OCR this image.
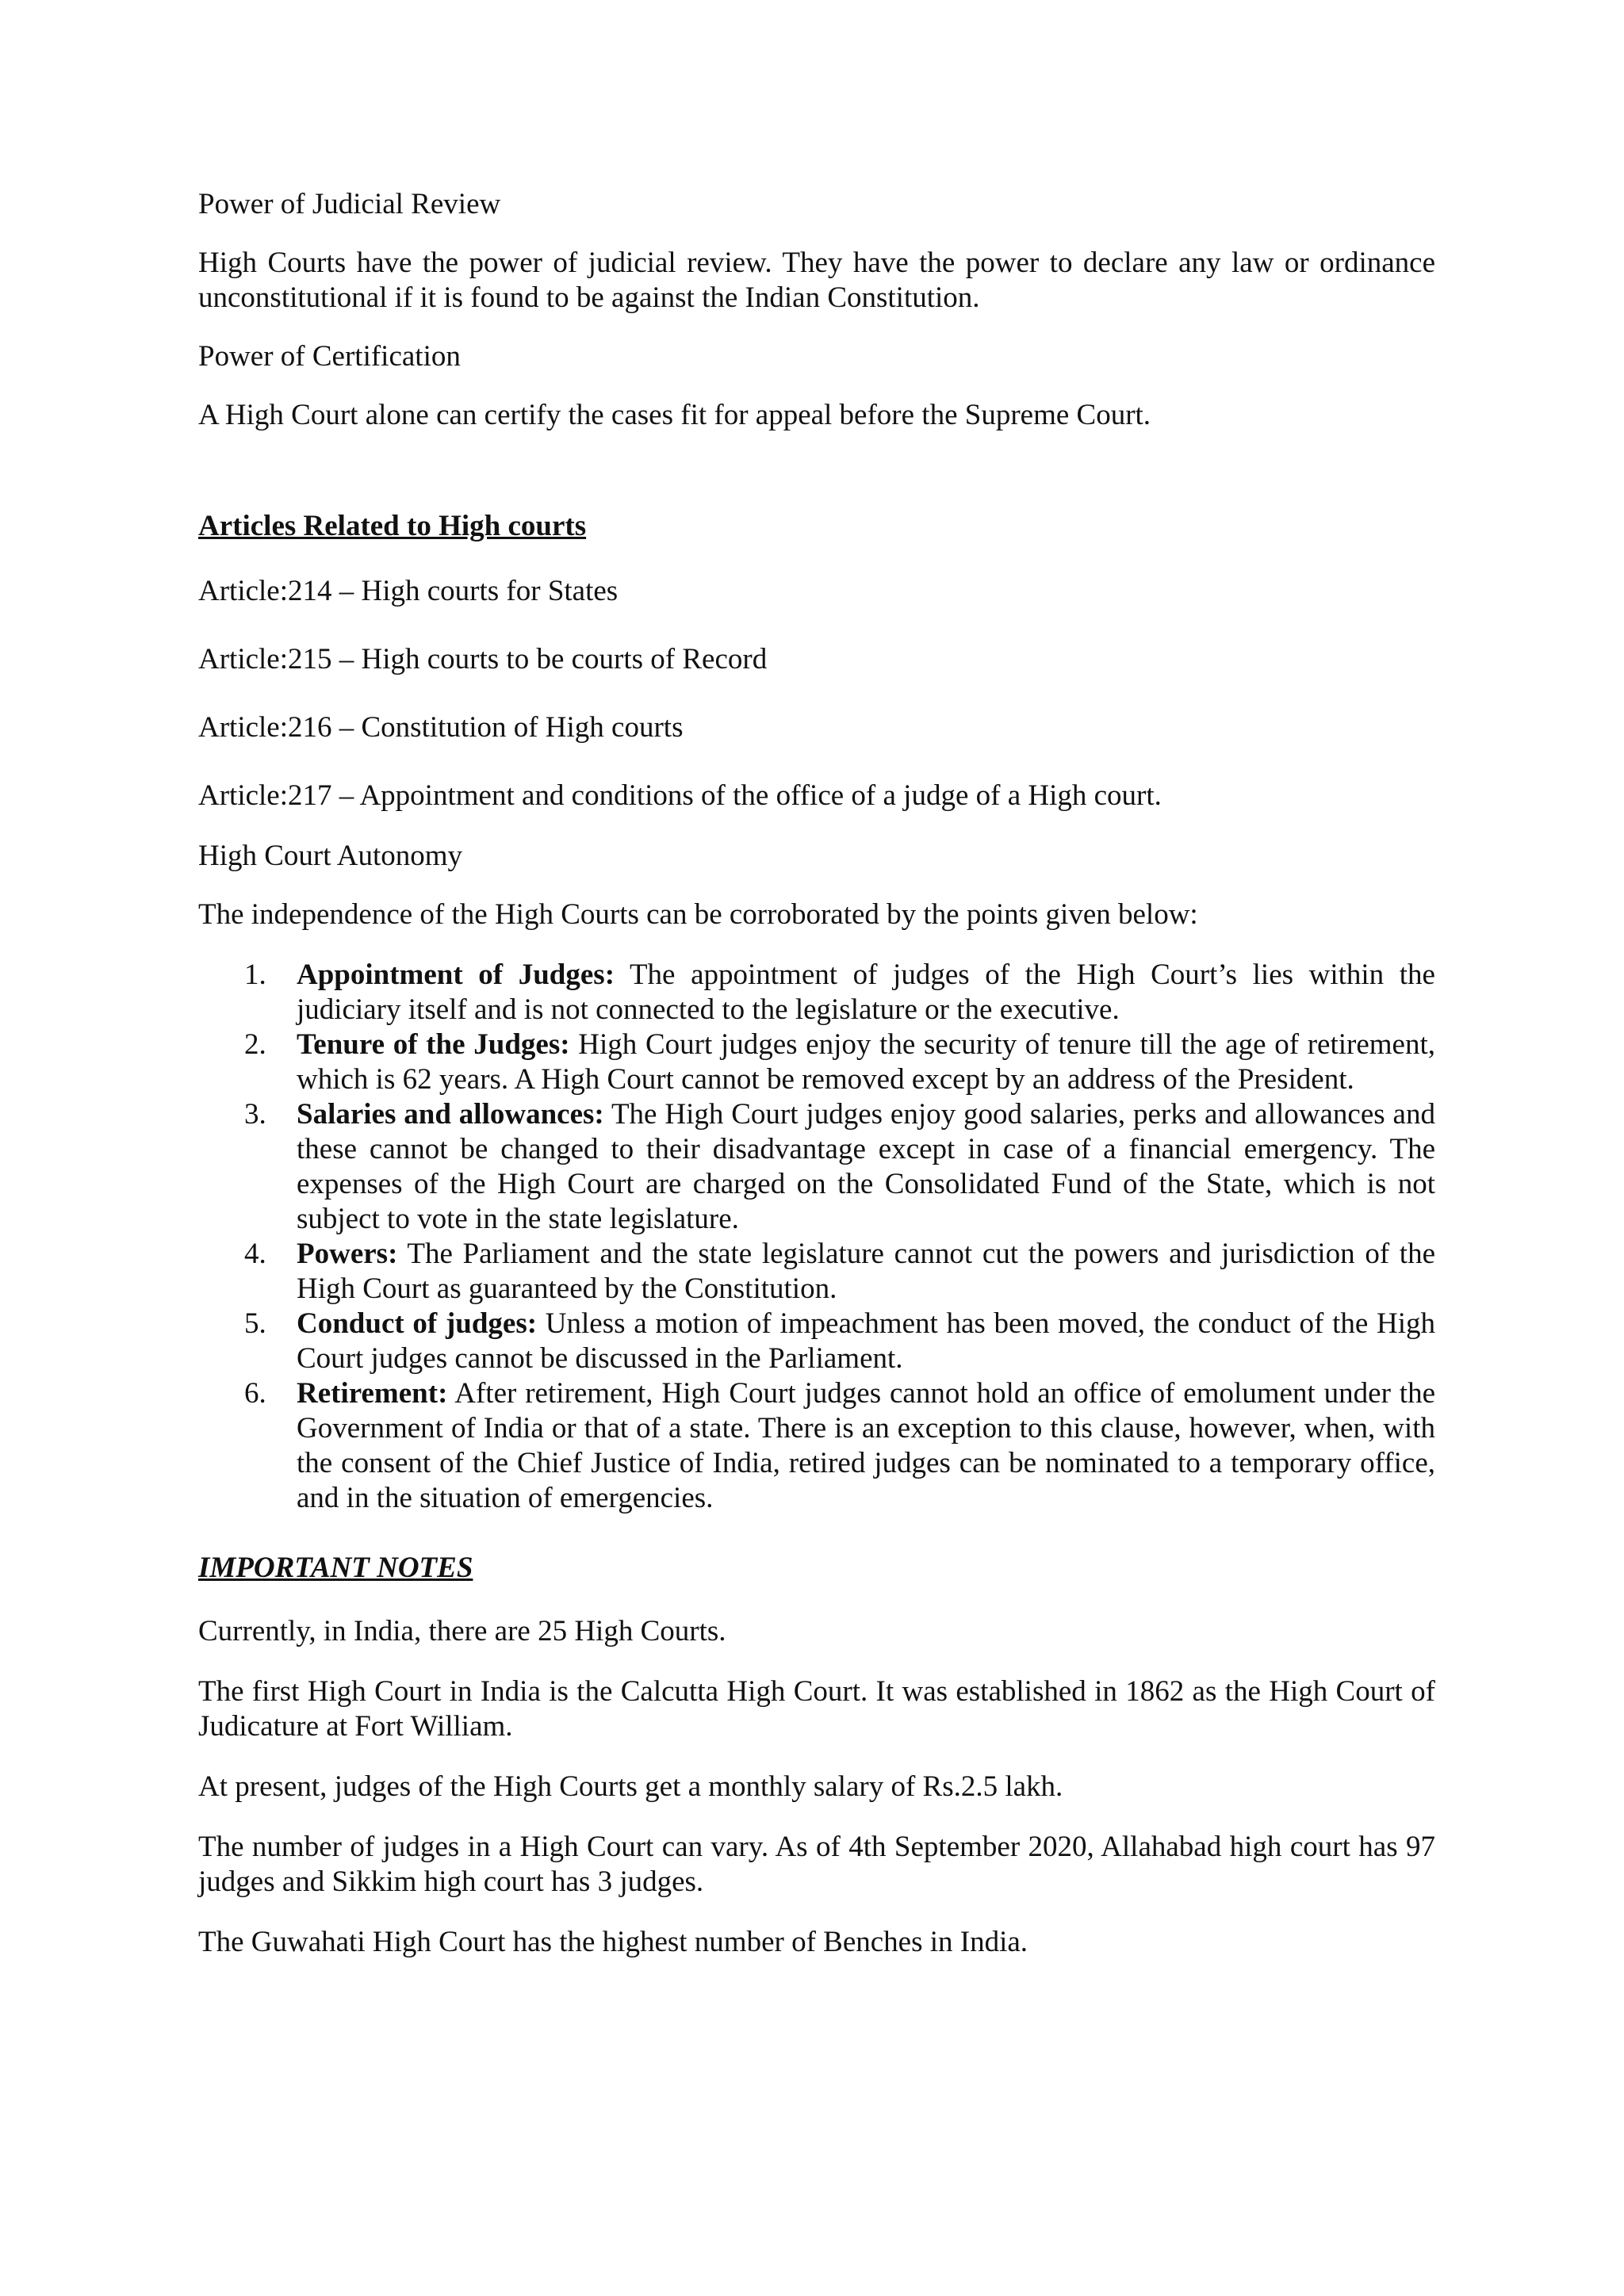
Power of Judicial Review

High Courts have the power of judicial review. They have the power to declare any law or ordinance unconstitutional if it is found to be against the Indian Constitution.

Power of Certification

A High Court alone can certify the cases fit for appeal before the Supreme Court.

Articles Related to High courts

Article:214 – High courts for States

Article:215 – High courts to be courts of Record

Article:216 – Constitution of High courts

Article:217 – Appointment and conditions of the office of a judge of a High court.

High Court Autonomy

The independence of the High Courts can be corroborated by the points given below:

1. Appointment of Judges: The appointment of judges of the High Court’s lies within the judiciary itself and is not connected to the legislature or the executive.
2. Tenure of the Judges: High Court judges enjoy the security of tenure till the age of retirement, which is 62 years. A High Court cannot be removed except by an address of the President.
3. Salaries and allowances: The High Court judges enjoy good salaries, perks and allowances and these cannot be changed to their disadvantage except in case of a financial emergency. The expenses of the High Court are charged on the Consolidated Fund of the State, which is not subject to vote in the state legislature.
4. Powers: The Parliament and the state legislature cannot cut the powers and jurisdiction of the High Court as guaranteed by the Constitution.
5. Conduct of judges: Unless a motion of impeachment has been moved, the conduct of the High Court judges cannot be discussed in the Parliament.
6. Retirement: After retirement, High Court judges cannot hold an office of emolument under the Government of India or that of a state. There is an exception to this clause, however, when, with the consent of the Chief Justice of India, retired judges can be nominated to a temporary office, and in the situation of emergencies.

IMPORTANT NOTES

Currently, in India, there are 25 High Courts.

The first High Court in India is the Calcutta High Court. It was established in 1862 as the High Court of Judicature at Fort William.

At present, judges of the High Courts get a monthly salary of Rs.2.5 lakh.

The number of judges in a High Court can vary. As of 4th September 2020, Allahabad high court has 97 judges and Sikkim high court has 3 judges.

The Guwahati High Court has the highest number of Benches in India.
